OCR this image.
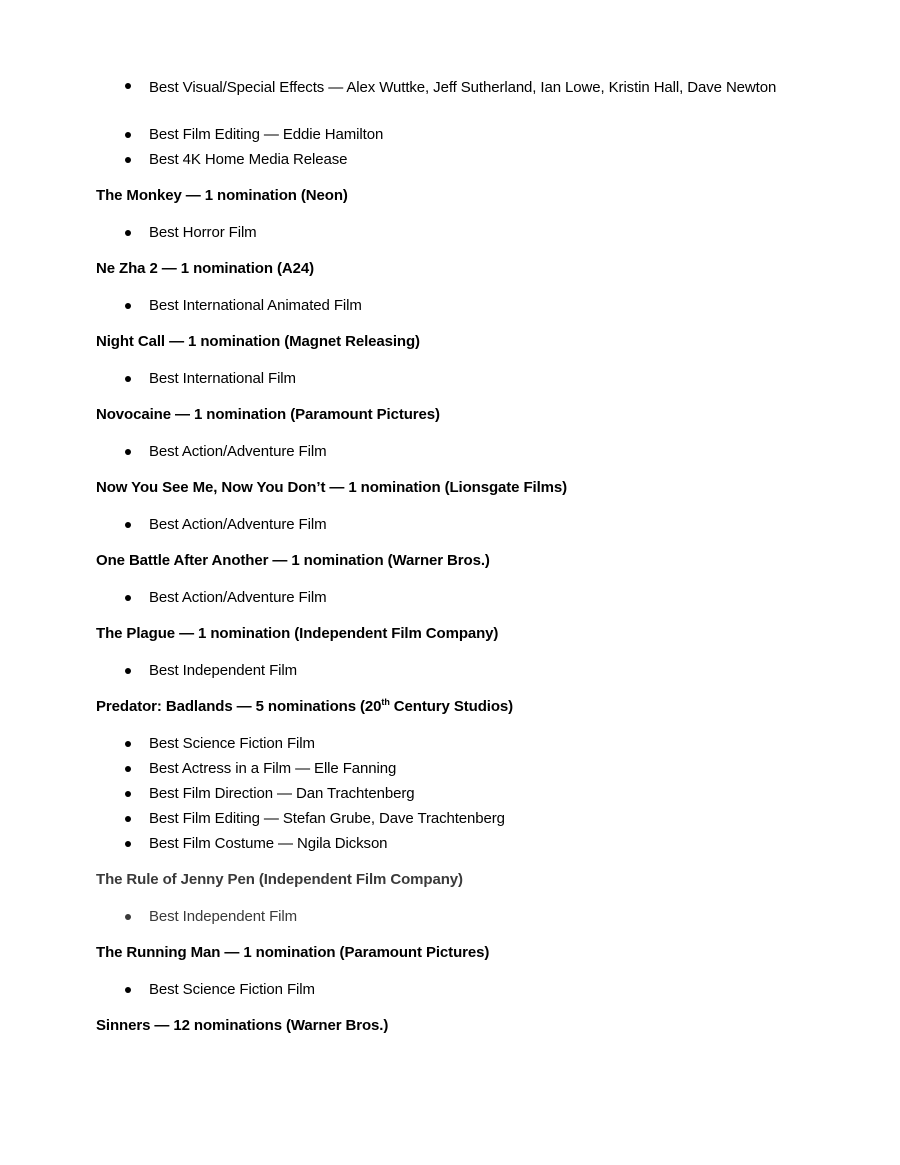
Best Visual/Special Effects — Alex Wuttke, Jeff Sutherland, Ian Lowe, Kristin Hall, Dave Newton
Best Film Editing — Eddie Hamilton
Best 4K Home Media Release
The Monkey — 1 nomination (Neon)
Best Horror Film
Ne Zha 2 — 1 nomination (A24)
Best International Animated Film
Night Call — 1 nomination (Magnet Releasing)
Best International Film
Novocaine — 1 nomination (Paramount Pictures)
Best Action/Adventure Film
Now You See Me, Now You Don’t — 1 nomination (Lionsgate Films)
Best Action/Adventure Film
One Battle After Another — 1 nomination (Warner Bros.)
Best Action/Adventure Film
The Plague — 1 nomination (Independent Film Company)
Best Independent Film
Predator: Badlands — 5 nominations (20th Century Studios)
Best Science Fiction Film
Best Actress in a Film — Elle Fanning
Best Film Direction — Dan Trachtenberg
Best Film Editing — Stefan Grube, Dave Trachtenberg
Best Film Costume — Ngila Dickson
The Rule of Jenny Pen (Independent Film Company)
Best Independent Film
The Running Man — 1 nomination (Paramount Pictures)
Best Science Fiction Film
Sinners — 12 nominations (Warner Bros.)
